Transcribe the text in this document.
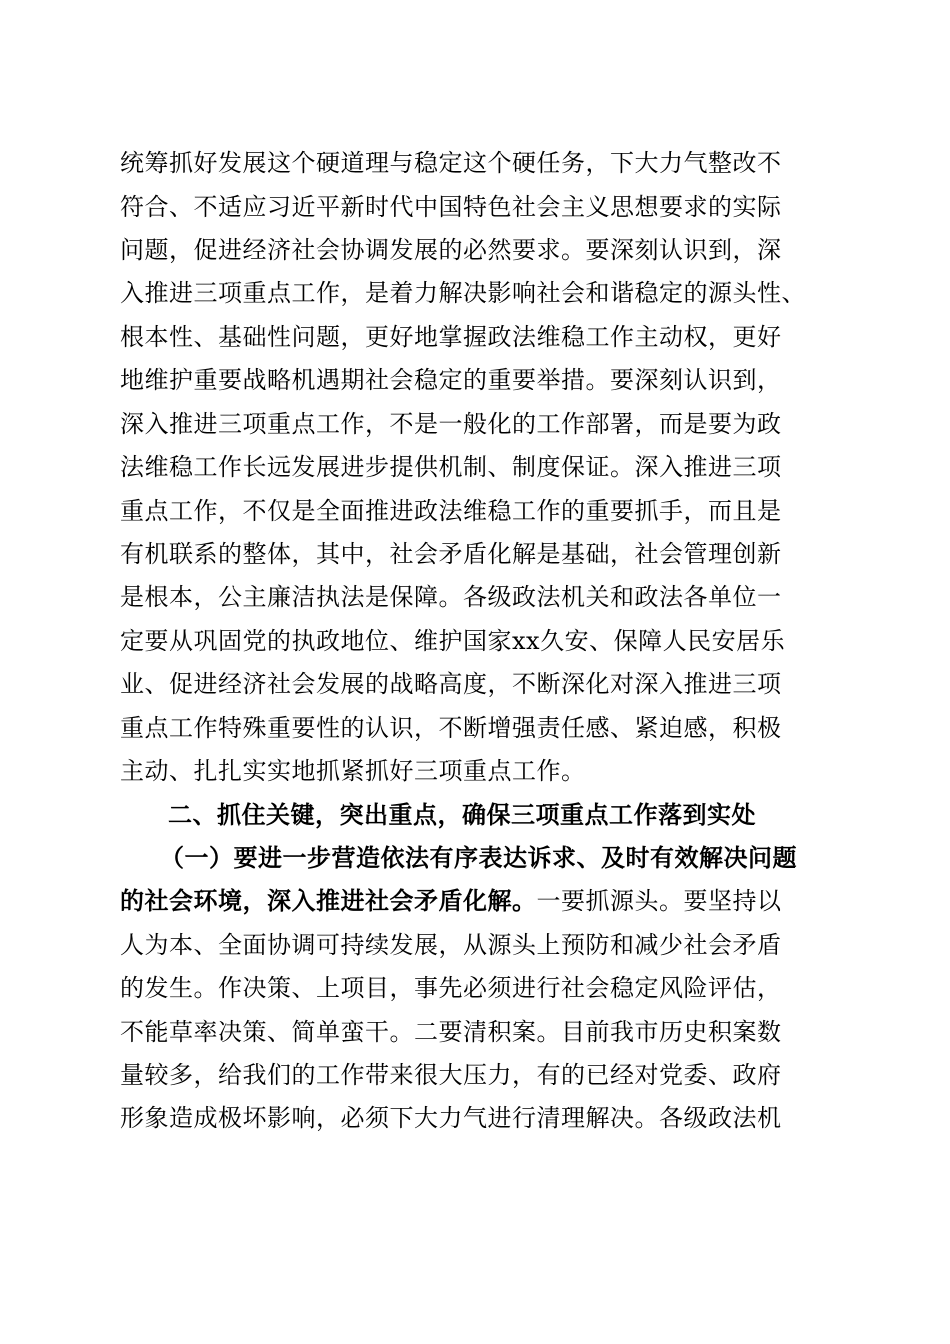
统筹抓好发展这个硬道理与稳定这个硬任务，下大力气整改不
符合、不适应习近平新时代中国特色社会主义思想要求的实际
问题，促进经济社会协调发展的必然要求。要深刻认识到，深
入推进三项重点工作，是着力解决影响社会和谐稳定的源头性、
根本性、基础性问题，更好地掌握政法维稳工作主动权，更好
地维护重要战略机遇期社会稳定的重要举措。要深刻认识到，
深入推进三项重点工作，不是一般化的工作部署，而是要为政
法维稳工作长远发展进步提供机制、制度保证。深入推进三项
重点工作，不仅是全面推进政法维稳工作的重要抓手，而且是
有机联系的整体，其中，社会矛盾化解是基础，社会管理创新
是根本，公主廉洁执法是保障。各级政法机关和政法各单位一
定要从巩固党的执政地位、维护国家xx久安、保障人民安居乐
业、促进经济社会发展的战略高度，不断深化对深入推进三项
重点工作特殊重要性的认识，不断增强责任感、紧迫感，积极
主动、扎扎实实地抓紧抓好三项重点工作。
二、抓住关键，突出重点，确保三项重点工作落到实处
（一）要进一步营造依法有序表达诉求、及时有效解决问题
的社会环境，深入推进社会矛盾化解。一要抓源头。要坚持以
人为本、全面协调可持续发展，从源头上预防和减少社会矛盾
的发生。作决策、上项目，事先必须进行社会稳定风险评估，
不能草率决策、简单蛮干。二要清积案。目前我市历史积案数
量较多，给我们的工作带来很大压力，有的已经对党委、政府
形象造成极坏影响，必须下大力气进行清理解决。各级政法机
